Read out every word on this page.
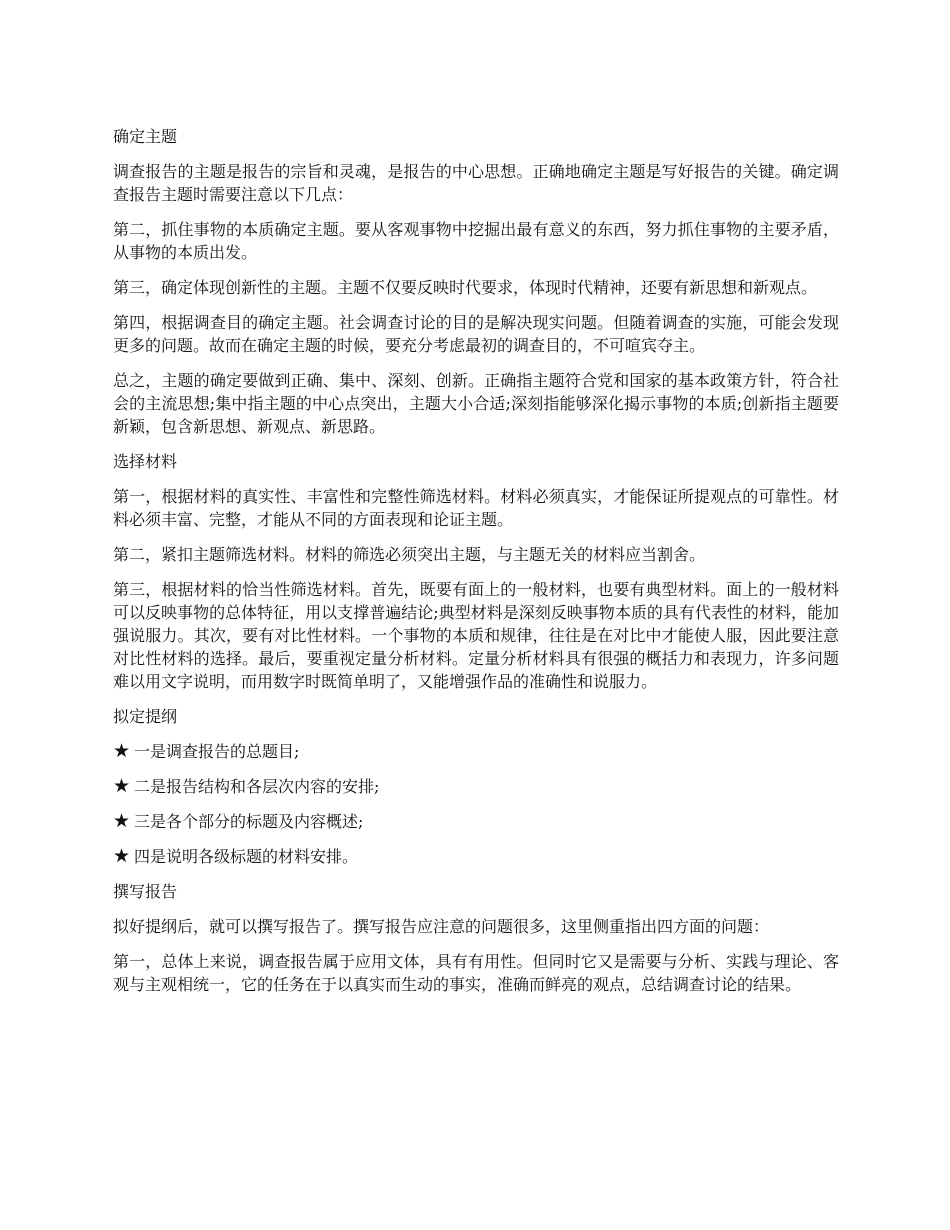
确定主题

调查报告的主题是报告的宗旨和灵魂，是报告的中心思想。正确地确定主题是写好报告的关键。确定调查报告主题时需要注意以下几点：

第二，抓住事物的本质确定主题。要从客观事物中挖掘出最有意义的东西，努力抓住事物的主要矛盾，从事物的本质出发。

第三，确定体现创新性的主题。主题不仅要反映时代要求，体现时代精神，还要有新思想和新观点。

第四，根据调查目的确定主题。社会调查讨论的目的是解决现实问题。但随着调查的实施，可能会发现更多的问题。故而在确定主题的时候，要充分考虑最初的调查目的，不可喧宾夺主。

总之，主题的确定要做到正确、集中、深刻、创新。正确指主题符合党和国家的基本政策方针，符合社会的主流思想;集中指主题的中心点突出，主题大小合适;深刻指能够深化揭示事物的本质;创新指主题要新颖，包含新思想、新观点、新思路。

选择材料

第一，根据材料的真实性、丰富性和完整性筛选材料。材料必须真实，才能保证所提观点的可靠性。材料必须丰富、完整，才能从不同的方面表现和论证主题。

第二，紧扣主题筛选材料。材料的筛选必须突出主题，与主题无关的材料应当割舍。

第三，根据材料的恰当性筛选材料。首先，既要有面上的一般材料，也要有典型材料。面上的一般材料可以反映事物的总体特征，用以支撑普遍结论;典型材料是深刻反映事物本质的具有代表性的材料，能加强说服力。其次，要有对比性材料。一个事物的本质和规律，往往是在对比中才能使人服，因此要注意对比性材料的选择。最后，要重视定量分析材料。定量分析材料具有很强的概括力和表现力，许多问题难以用文字说明，而用数字时既简单明了，又能增强作品的准确性和说服力。

拟定提纲
★ 一是调查报告的总题目;
★ 二是报告结构和各层次内容的安排;
★ 三是各个部分的标题及内容概述;
★ 四是说明各级标题的材料安排。
撰写报告

拟好提纲后，就可以撰写报告了。撰写报告应注意的问题很多，这里侧重指出四方面的问题：

第一，总体上来说，调查报告属于应用文体，具有有用性。但同时它又是需要与分析、实践与理论、客观与主观相统一，它的任务在于以真实而生动的事实，准确而鲜亮的观点，总结调查讨论的结果。
